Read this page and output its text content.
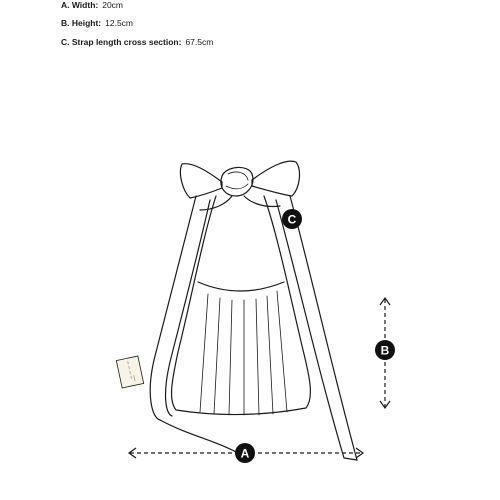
A. Width: 20cm
B. Height: 12.5cm
C. Strap length cross section: 67.5cm
A
B
C
